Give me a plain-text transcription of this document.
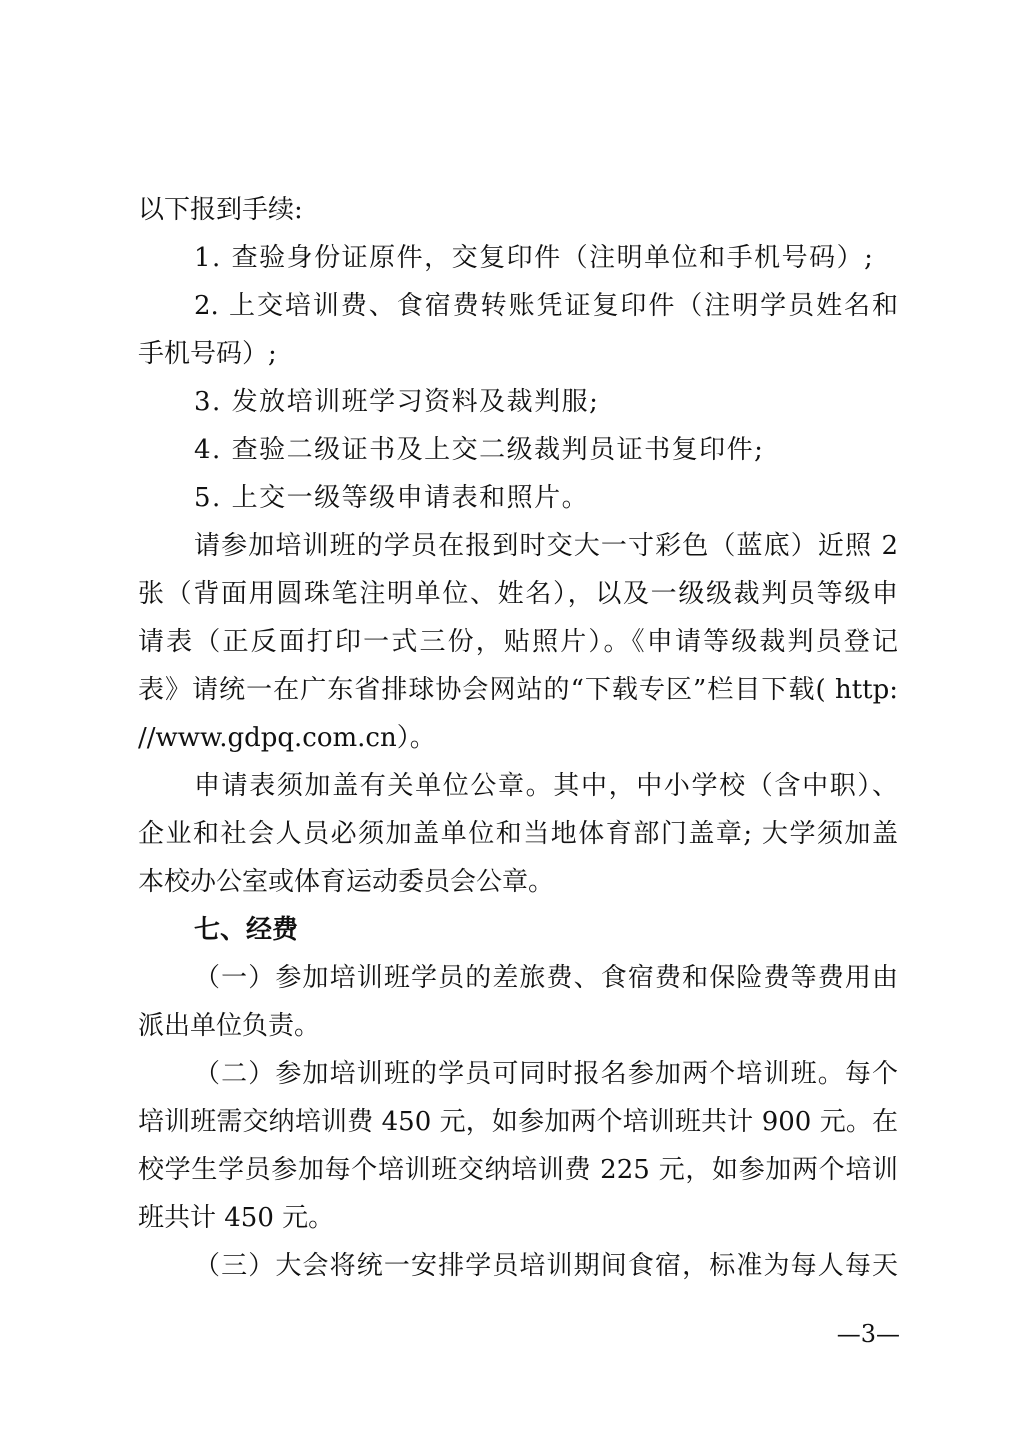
以下报到手续:
1. 查验身份证原件，交复印件（注明单位和手机号码）;
2. 上交培训费、食宿费转账凭证复印件（注明学员姓名和
手机号码）;
3. 发放培训班学习资料及裁判服;
4. 查验二级证书及上交二级裁判员证书复印件;
5. 上交一级等级申请表和照片。
请参加培训班的学员在报到时交大一寸彩色（蓝底）近照 2
张（背面用圆珠笔注明单位、姓名），以及一级级裁判员等级申
请表（正反面打印一式三份，贴照片）。《申请等级裁判员登记
表》请统一在广东省排球协会网站的“下载专区”栏目下载( http:
//www.gdpq.com.cn）。
申请表须加盖有关单位公章。其中，中小学校（含中职）、
企业和社会人员必须加盖单位和当地体育部门盖章; 大学须加盖
本校办公室或体育运动委员会公章。
七、经费
（一）参加培训班学员的差旅费、食宿费和保险费等费用由
派出单位负责。
（二）参加培训班的学员可同时报名参加两个培训班。每个
培训班需交纳培训费 450 元，如参加两个培训班共计 900 元。在
校学生学员参加每个培训班交纳培训费 225 元，如参加两个培训
班共计 450 元。
（三）大会将统一安排学员培训期间食宿，标准为每人每天
—3—
